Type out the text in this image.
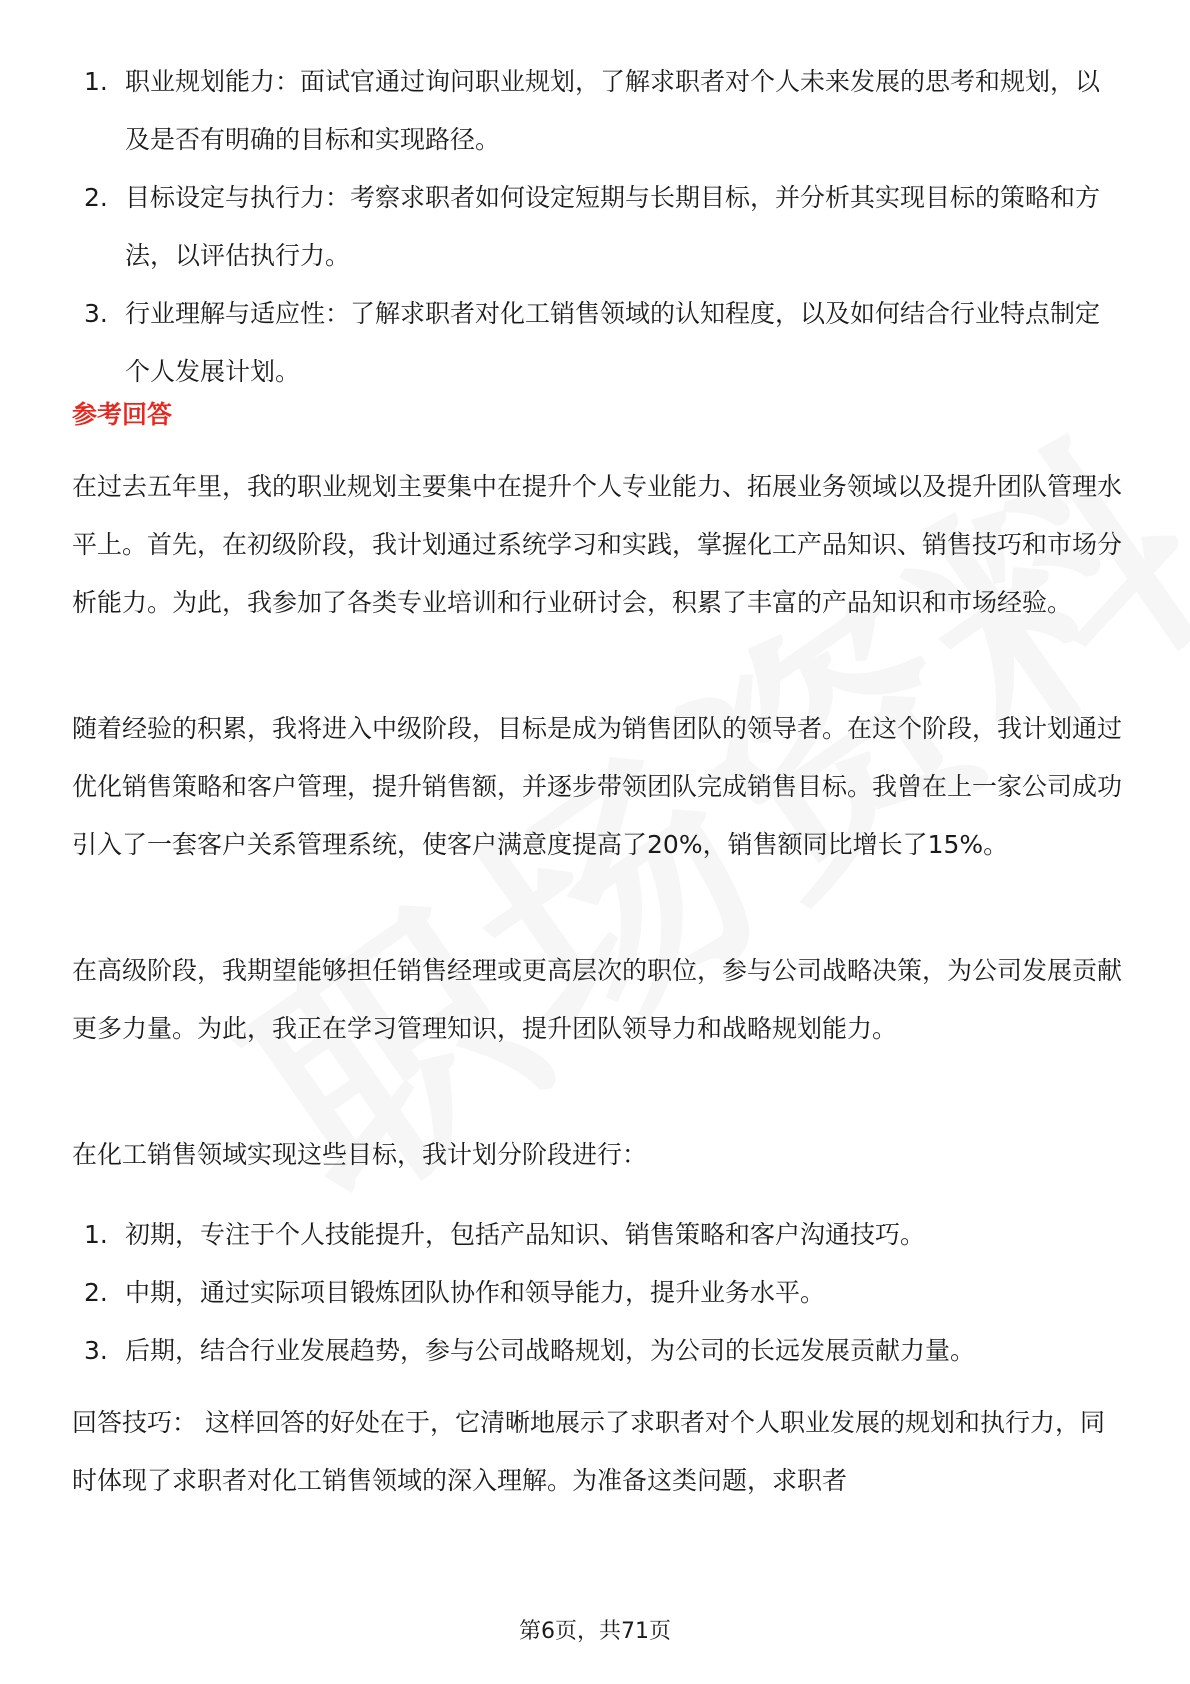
1. 职业规划能力：面试官通过询问职业规划，了解求职者对个人未来发展的思考和规划，以及是否有明确的目标和实现路径。
2. 目标设定与执行力：考察求职者如何设定短期与长期目标，并分析其实现目标的策略和方法，以评估执行力。
3. 行业理解与适应性：了解求职者对化工销售领域的认知程度，以及如何结合行业特点制定个人发展计划。
参考回答

在过去五年里，我的职业规划主要集中在提升个人专业能力、拓展业务领域以及提升团队管理水平上。首先，在初级阶段，我计划通过系统学习和实践，掌握化工产品知识、销售技巧和市场分析能力。为此，我参加了各类专业培训和行业研讨会，积累了丰富的产品知识和市场经验。

随着经验的积累，我将进入中级阶段，目标是成为销售团队的领导者。在这个阶段，我计划通过优化销售策略和客户管理，提升销售额，并逐步带领团队完成销售目标。我曾在上一家公司成功引入了一套客户关系管理系统，使客户满意度提高了20%，销售额同比增长了15%。

在高级阶段，我期望能够担任销售经理或更高层次的职位，参与公司战略决策，为公司发展贡献更多力量。为此，我正在学习管理知识，提升团队领导力和战略规划能力。

在化工销售领域实现这些目标，我计划分阶段进行：

1. 初期，专注于个人技能提升，包括产品知识、销售策略和客户沟通技巧。
2. 中期，通过实际项目锻炼团队协作和领导能力，提升业务水平。
3. 后期，结合行业发展趋势，参与公司战略规划，为公司的长远发展贡献力量。

回答技巧： 这样回答的好处在于，它清晰地展示了求职者对个人职业发展的规划和执行力，同时体现了求职者对化工销售领域的深入理解。为准备这类问题，求职者

第6页，共71页
